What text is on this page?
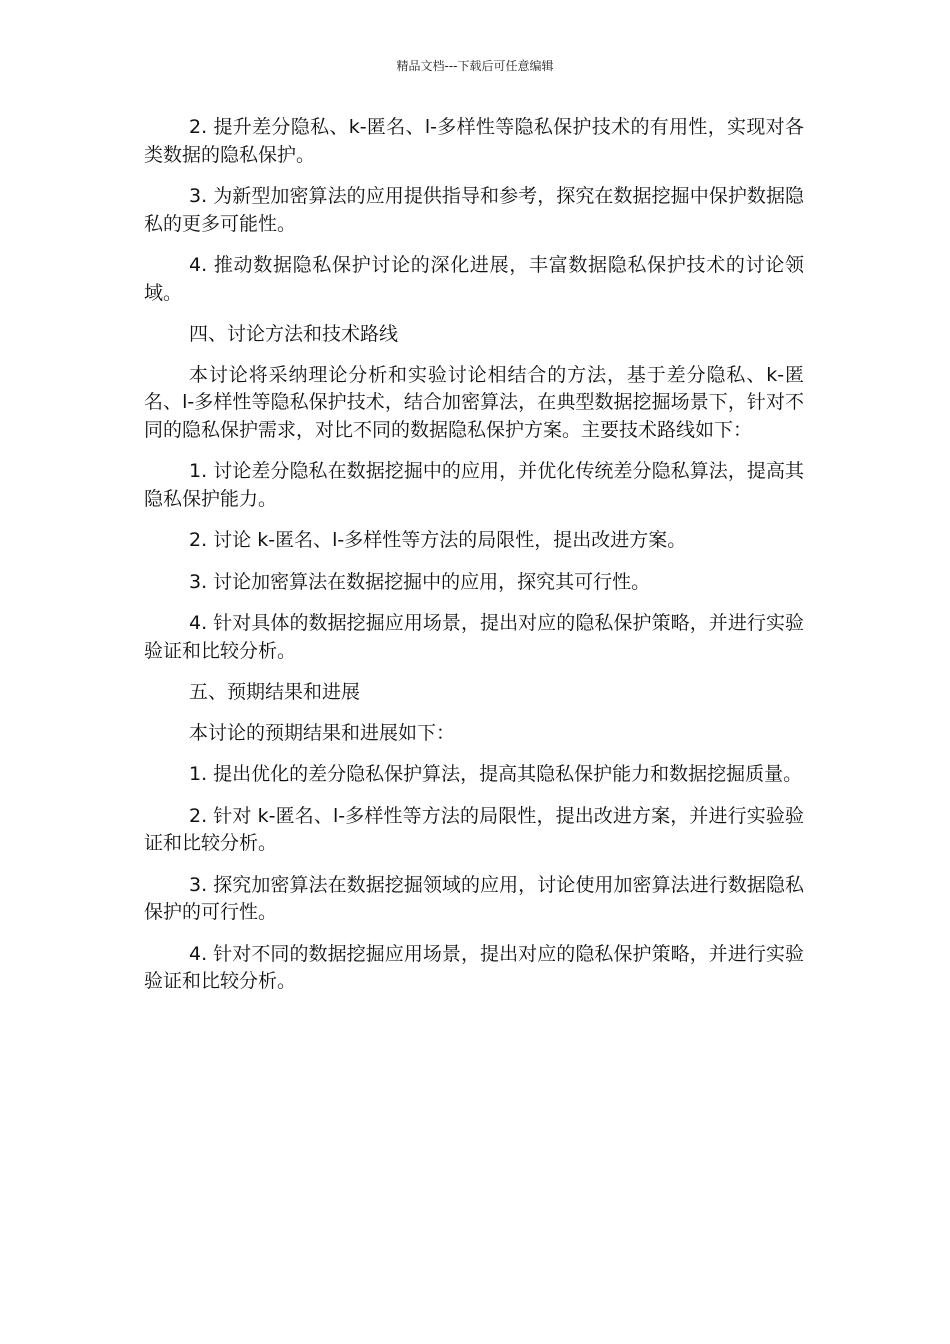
精品文档---下载后可任意编辑

2. 提升差分隐私、k-匿名、l-多样性等隐私保护技术的有用性，实现对各类数据的隐私保护。

3. 为新型加密算法的应用提供指导和参考，探究在数据挖掘中保护数据隐私的更多可能性。

4. 推动数据隐私保护讨论的深化进展，丰富数据隐私保护技术的讨论领域。

四、讨论方法和技术路线

本讨论将采纳理论分析和实验讨论相结合的方法，基于差分隐私、k-匿名、l-多样性等隐私保护技术，结合加密算法，在典型数据挖掘场景下，针对不同的隐私保护需求，对比不同的数据隐私保护方案。主要技术路线如下：

1. 讨论差分隐私在数据挖掘中的应用，并优化传统差分隐私算法，提高其隐私保护能力。

2. 讨论 k-匿名、l-多样性等方法的局限性，提出改进方案。

3. 讨论加密算法在数据挖掘中的应用，探究其可行性。

4. 针对具体的数据挖掘应用场景，提出对应的隐私保护策略，并进行实验验证和比较分析。

五、预期结果和进展

本讨论的预期结果和进展如下：

1. 提出优化的差分隐私保护算法，提高其隐私保护能力和数据挖掘质量。

2. 针对 k-匿名、l-多样性等方法的局限性，提出改进方案，并进行实验验证和比较分析。

3. 探究加密算法在数据挖掘领域的应用，讨论使用加密算法进行数据隐私保护的可行性。

4. 针对不同的数据挖掘应用场景，提出对应的隐私保护策略，并进行实验验证和比较分析。
